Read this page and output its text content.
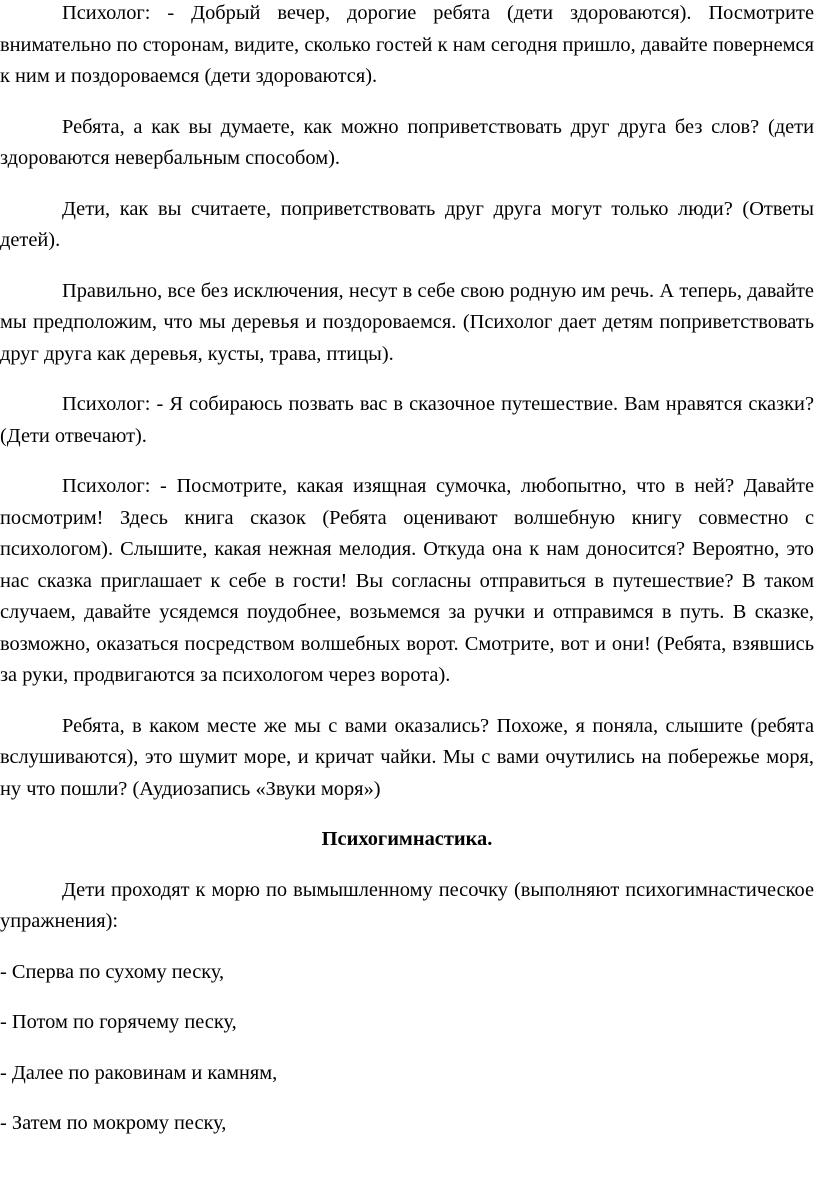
Психолог: - Добрый вечер, дорогие ребята (дети здороваются). Посмотрите внимательно по сторонам, видите, сколько гостей к нам сегодня пришло, давайте повернемся к ним и поздороваемся (дети здороваются).

Ребята, а как вы думаете, как можно поприветствовать друг друга без слов? (дети здороваются невербальным способом).

Дети, как вы считаете, поприветствовать друг друга могут только люди? (Ответы детей).

Правильно, все без исключения, несут в себе свою родную им речь. А теперь, давайте мы предположим, что мы деревья и поздороваемся. (Психолог дает детям поприветствовать друг друга как деревья, кусты, трава, птицы).

Психолог: - Я собираюсь позвать вас в сказочное путешествие. Вам нравятся сказки? (Дети отвечают).

Психолог: - Посмотрите, какая изящная сумочка, любопытно, что в ней? Давайте посмотрим! Здесь книга сказок (Ребята оценивают волшебную книгу совместно с психологом). Слышите, какая нежная мелодия. Откуда она к нам доносится? Вероятно, это нас сказка приглашает к себе в гости! Вы согласны отправиться в путешествие? В таком случаем, давайте усядемся поудобнее, возьмемся за ручки и отправимся в путь. В сказке, возможно, оказаться посредством волшебных ворот. Смотрите, вот и они! (Ребята, взявшись за руки, продвигаются за психологом через ворота).

Ребята, в каком месте же мы с вами оказались? Похоже, я поняла, слышите (ребята вслушиваются), это шумит море, и кричат чайки. Мы с вами очутились на побережье моря, ну что пошли? (Аудиозапись «Звуки моря»)

Психогимнастика.

Дети проходят к морю по вымышленному песочку (выполняют психогимнастическое упражнения):

- Сперва по сухому песку,

- Потом по горячему песку,

- Далее по раковинам и камням,

- Затем по мокрому песку,
